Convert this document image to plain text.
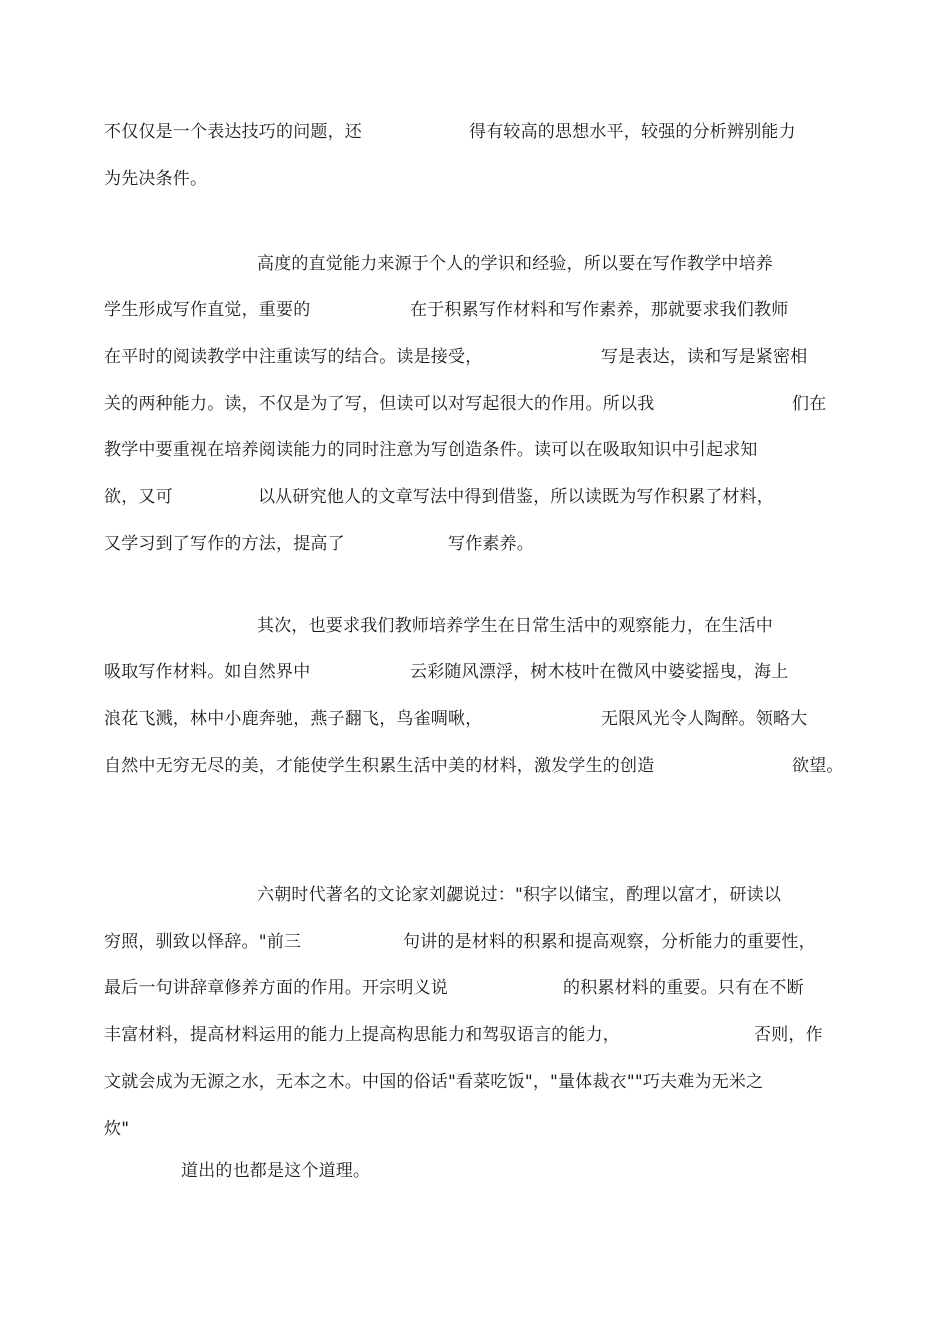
不仅仅是一个表达技巧的问题，还	得有较高的思想水平，较强的分析辨别能力
为先决条件。
高度的直觉能力来源于个人的学识和经验，所以要在写作教学中培养
学生形成写作直觉，重要的	在于积累写作材料和写作素养，那就要求我们教师
在平时的阅读教学中注重读写的结合。读是接受，	写是表达，读和写是紧密相
关的两种能力。读，不仅是为了写，但读可以对写起很大的作用。所以我	们在
教学中要重视在培养阅读能力的同时注意为写创造条件。读可以在吸取知识中引起求知
欲，又可	以从研究他人的文章写法中得到借鉴，所以读既为写作积累了材料，
又学习到了写作的方法，提高了	写作素养。
其次，也要求我们教师培养学生在日常生活中的观察能力，在生活中
吸取写作材料。如自然界中	云彩随风漂浮，树木枝叶在微风中婆娑摇曳，海上
浪花飞溅，林中小鹿奔驰，燕子翻飞，鸟雀啁啾，	无限风光令人陶醉。领略大
自然中无穷无尽的美，才能使学生积累生活中美的材料，激发学生的创造	欲望。
六朝时代著名的文论家刘勰说过："积字以储宝，酌理以富才，研读以
穷照，驯致以怿辞。"前三	句讲的是材料的积累和提高观察，分析能力的重要性，
最后一句讲辞章修养方面的作用。开宗明义说	的积累材料的重要。只有在不断
丰富材料，提高材料运用的能力上提高构思能力和驾驭语言的能力，	否则，作
文就会成为无源之水，无本之木。中国的俗话"看菜吃饭"，"量体裁衣""巧夫难为无米之
炊"
道出的也都是这个道理。
